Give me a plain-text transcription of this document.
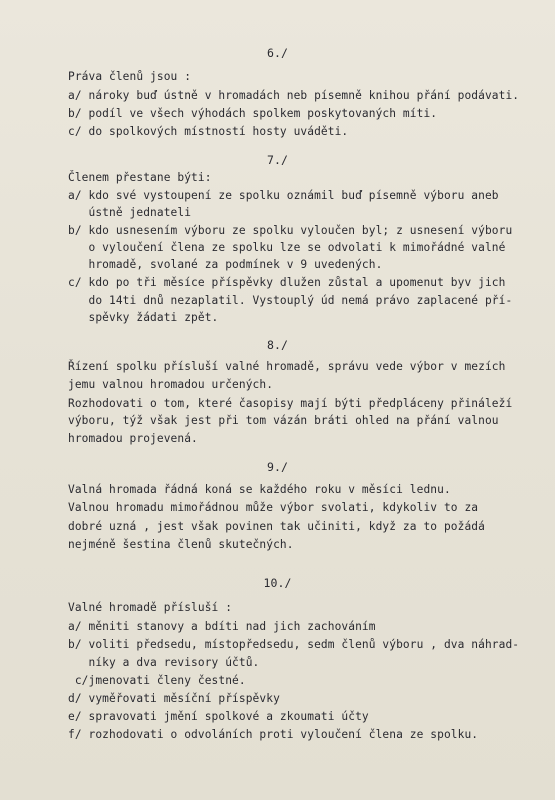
6./
Práva členů jsou :
a/ nároky buď ústně v hromadách neb písemně knihou přání podávati.
b/ podíl ve všech výhodách spolkem poskytovaných míti.
c/ do spolkových místností hosty uváděti.
7./
Členem přestane býti:
a/ kdo své vystoupení ze spolku oznámil buď písemně výboru aneb
ústně jednateli
b/ kdo usnesením výboru ze spolku vyloučen byl; z usnesení výboru
o vyloučení člena ze spolku lze se odvolati k mimořádné valné
hromadě, svolané za podmínek v 9 uvedených.
c/ kdo po tři měsíce příspěvky dlužen zůstal a upomenut byv jich
do 14ti dnů nezaplatil. Vystouplý úd nemá právo zaplacené pří-
spěvky žádati zpět.
8./
Řízení spolku přísluší valné hromadě, správu vede výbor v mezích
jemu valnou hromadou určených.
Rozhodovati o tom, které časopisy mají býti předpláceny přináleží
výboru, týž však jest při tom vázán bráti ohled na přání valnou
hromadou projevená.
9./
Valná hromada řádná koná se každého roku v měsíci lednu.
Valnou hromadu mimořádnou může výbor svolati, kdykoliv to za
dobré uzná , jest však povinen tak učiniti, když za to požádá
nejméně šestina členů skutečných.
10./
Valné hromadě přísluší :
a/ měniti stanovy a bdíti nad jich zachováním
b/ voliti předsedu, místopředsedu, sedm členů výboru , dva náhrad-
níky a dva revisory účtů.
c/jmenovati členy čestné.
d/ vyměřovati měsíční příspěvky
e/ spravovati jmění spolkové a zkoumati účty
f/ rozhodovati o odvoláních proti vyloučení člena ze spolku.
